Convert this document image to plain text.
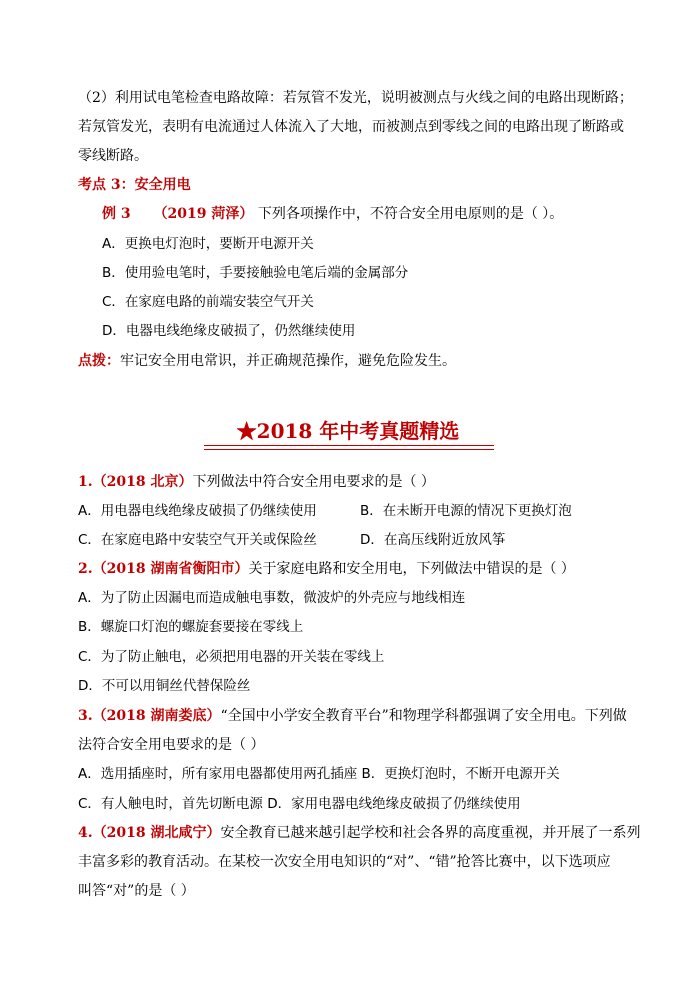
（2）利用试电笔检查电路故障：若氖管不发光，说明被测点与火线之间的电路出现断路；
若氖管发光，表明有电流通过人体流入了大地，而被测点到零线之间的电路出现了断路或
零线断路。
考点 3：安全用电
例 3 （2019 菏泽） 下列各项操作中，不符合安全用电原则的是（ ）。
A．更换电灯泡时，要断开电源开关
B．使用验电笔时，手要接触验电笔后端的金属部分
C．在家庭电路的前端安装空气开关
D．电器电线绝缘皮破损了，仍然继续使用
点拨：牢记安全用电常识，并正确规范操作，避免危险发生。
★2018 年中考真题精选
1.（2018 北京）下列做法中符合安全用电要求的是（ ）
A．用电器电线绝缘皮破损了仍继续使用	B．在未断开电源的情况下更换灯泡
C．在家庭电路中安装空气开关或保险丝	D．在高压线附近放风筝
2.（2018 湖南省衡阳市）关于家庭电路和安全用电，下列做法中错误的是（ ）
A．为了防止因漏电而造成触电事数，微波炉的外壳应与地线相连
B．螺旋口灯泡的螺旋套要接在零线上
C．为了防止触电，必须把用电器的开关装在零线上
D．不可以用铜丝代替保险丝
3.（2018 湖南娄底）“全国中小学安全教育平台”和物理学科都强调了安全用电。下列做
法符合安全用电要求的是（ ）
A．选用插座时，所有家用电器都使用两孔插座 B．更换灯泡时，不断开电源开关
C．有人触电时，首先切断电源 D．家用电器电线绝缘皮破损了仍继续使用
4.（2018 湖北咸宁）安全教育已越来越引起学校和社会各界的高度重视，并开展了一系列
丰富多彩的教育活动。在某校一次安全用电知识的“对”、“错”抢答比赛中，以下选项应
叫答“对”的是（ ）
